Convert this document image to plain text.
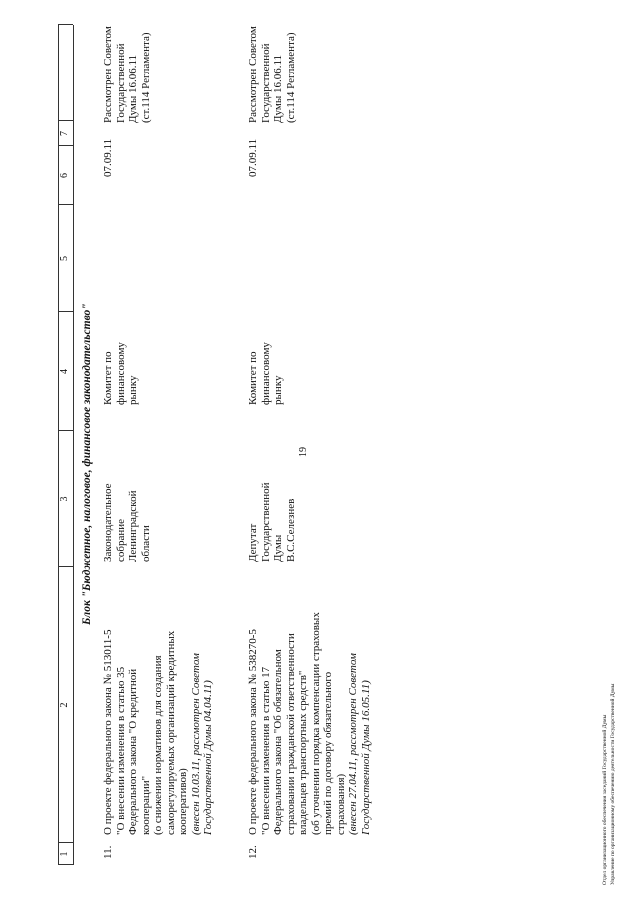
19
1
2
3
4
5
6
7
Блок "Бюджетное, налоговое, финансовое законодательство"
11.
О проекте федерального закона № 513011-5 "О внесении изменения в статью 35 Федерального закона "О кредитной кооперации" (о снижении нормативов для создания саморегулируемых организаций кредитных кооперативов) (внесен 10.03.11, рассмотрен Советом Государственной Думы 04.04.11)
Законодательное собрание Ленинградской области
Комитет по финансовому рынку
07.09.11
Рассмотрен Советом Государственной Думы 16.06.11 (ст.114 Регламента)
12.
О проекте федерального закона № 538270-5 "О внесении изменения в статью 17 Федерального закона "Об обязательном страховании гражданской ответственности владельцев транспортных средств" (об уточнении порядка компенсации страховых премий по договору обязательного страхования) (внесен 27.04.11, рассмотрен Советом Государственной Думы 16.05.11)
Депутат Государственной Думы В.С.Селезнев
Комитет по финансовому рынку
07.09.11
Рассмотрен Советом Государственной Думы 16.06.11 (ст.114 Регламента)
Отдел организационного обеспечения заседаний Государственной Думы Управление по организационному обеспечению деятельности Государственной Думы
